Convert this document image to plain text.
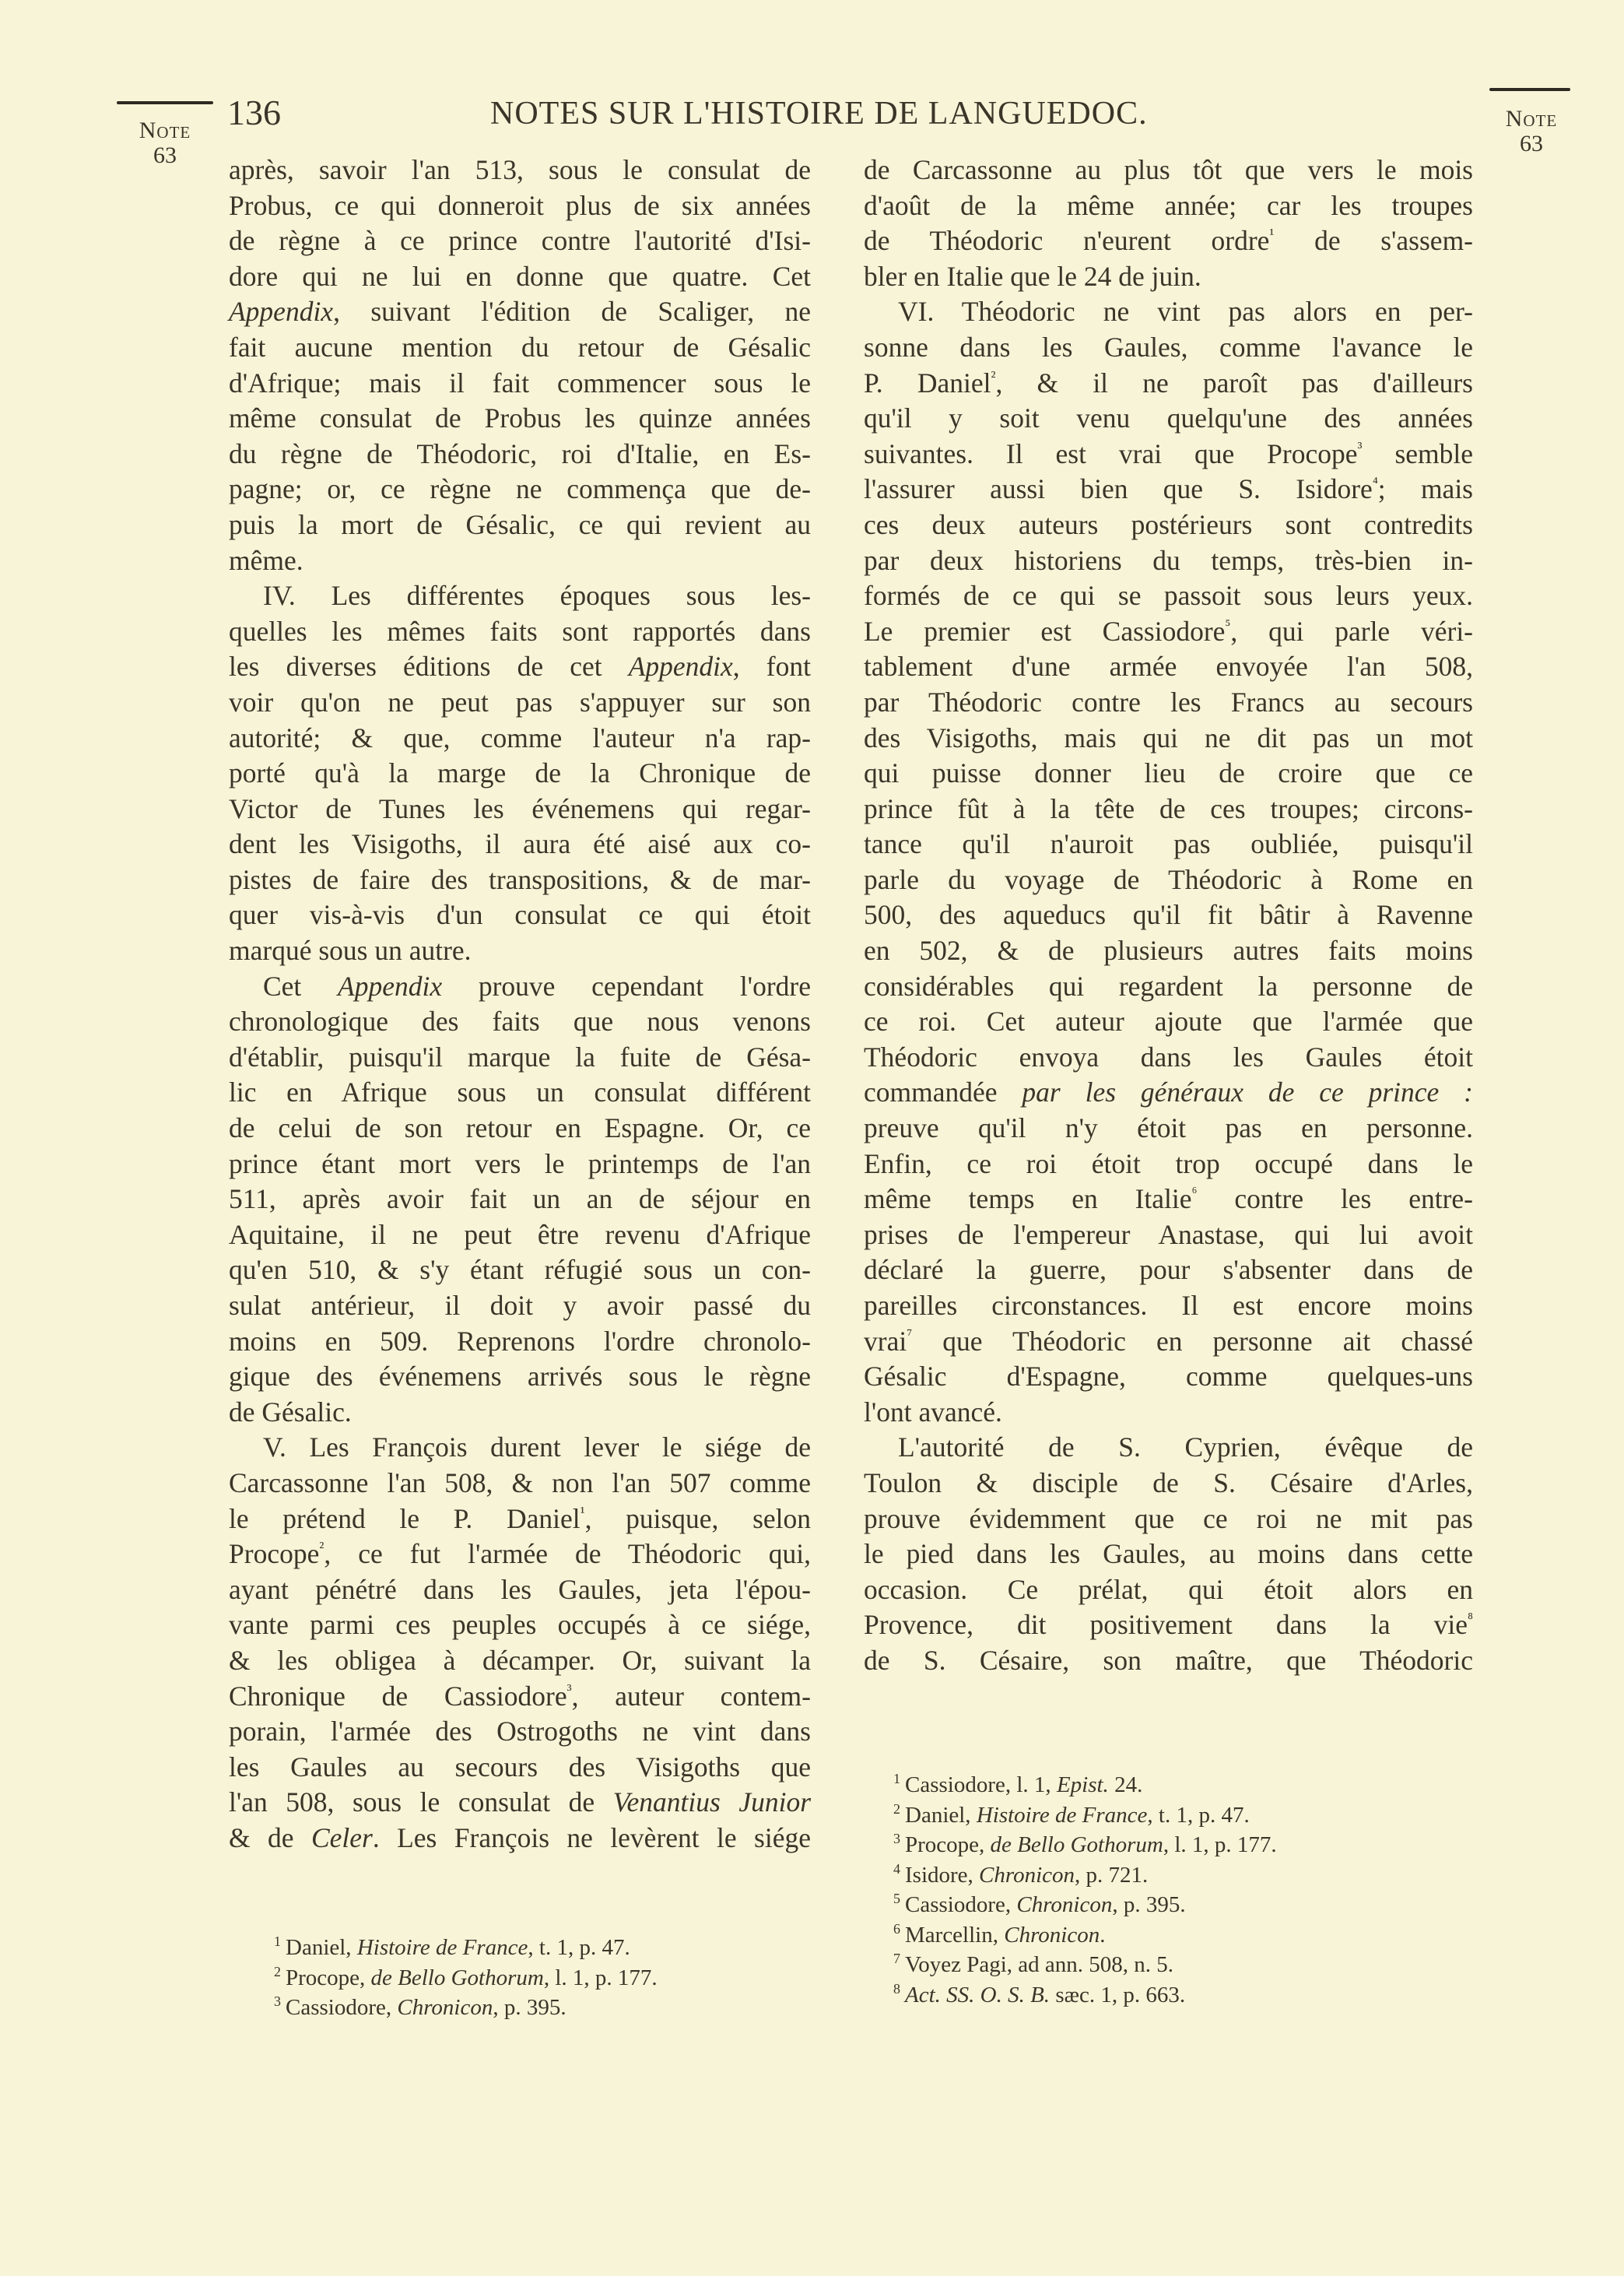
Note
63
Note
63
136	NOTES SUR L'HISTOIRE DE LANGUEDOC.
après, savoir l'an 513, sous le consulat de
Probus, ce qui donneroit plus de six années
de règne à ce prince contre l'autorité d'Isi-
dore qui ne lui en donne que quatre. Cet
Appendix, suivant l'édition de Scaliger, ne
fait aucune mention du retour de Gésalic
d'Afrique; mais il fait commencer sous le
même consulat de Probus les quinze années
du règne de Théodoric, roi d'Italie, en Es-
pagne; or, ce règne ne commença que de-
puis la mort de Gésalic, ce qui revient au
même.
IV. Les différentes époques sous les-
quelles les mêmes faits sont rapportés dans
les diverses éditions de cet Appendix, font
voir qu'on ne peut pas s'appuyer sur son
autorité; & que, comme l'auteur n'a rap-
porté qu'à la marge de la Chronique de
Victor de Tunes les événemens qui regar-
dent les Visigoths, il aura été aisé aux co-
pistes de faire des transpositions, & de mar-
quer vis-à-vis d'un consulat ce qui étoit
marqué sous un autre.
Cet Appendix prouve cependant l'ordre
chronologique des faits que nous venons
d'établir, puisqu'il marque la fuite de Gésa-
lic en Afrique sous un consulat différent
de celui de son retour en Espagne. Or, ce
prince étant mort vers le printemps de l'an
511, après avoir fait un an de séjour en
Aquitaine, il ne peut être revenu d'Afrique
qu'en 510, & s'y étant réfugié sous un con-
sulat antérieur, il doit y avoir passé du
moins en 509. Reprenons l'ordre chronolo-
gique des événemens arrivés sous le règne
de Gésalic.
V. Les François durent lever le siége de
Carcassonne l'an 508, & non l'an 507 comme
le prétend le P. Daniel$^{^1}$, puisque, selon
Procope$^{^2}$, ce fut l'armée de Théodoric qui,
ayant pénétré dans les Gaules, jeta l'épou-
vante parmi ces peuples occupés à ce siége,
& les obligea à décamper. Or, suivant la
Chronique de Cassiodore$^{^3}$, auteur contem-
porain, l'armée des Ostrogoths ne vint dans
les Gaules au secours des Visigoths que
l'an 508, sous le consulat de Venantius Junior
& de Celer. Les François ne levèrent le siége
de Carcassonne au plus tôt que vers le mois
d'août de la même année; car les troupes
de Théodoric n'eurent ordre$^{^1}$ de s'assem-
bler en Italie que le 24 de juin.
VI. Théodoric ne vint pas alors en per-
sonne dans les Gaules, comme l'avance le
P. Daniel$^{^2}$, & il ne paroît pas d'ailleurs
qu'il y soit venu quelqu'une des années
suivantes. Il est vrai que Procope$^{^3}$ semble
l'assurer aussi bien que S. Isidore$^{^4}$; mais
ces deux auteurs postérieurs sont contredits
par deux historiens du temps, très-bien in-
formés de ce qui se passoit sous leurs yeux.
Le premier est Cassiodore$^{^5}$, qui parle véri-
tablement d'une armée envoyée l'an 508,
par Théodoric contre les Francs au secours
des Visigoths, mais qui ne dit pas un mot
qui puisse donner lieu de croire que ce
prince fût à la tête de ces troupes; circons-
tance qu'il n'auroit pas oubliée, puisqu'il
parle du voyage de Théodoric à Rome en
500, des aqueducs qu'il fit bâtir à Ravenne
en 502, & de plusieurs autres faits moins
considérables qui regardent la personne de
ce roi. Cet auteur ajoute que l'armée que
Théodoric envoya dans les Gaules étoit
commandée par les généraux de ce prince :
preuve qu'il n'y étoit pas en personne.
Enfin, ce roi étoit trop occupé dans le
même temps en Italie$^{^6}$ contre les entre-
prises de l'empereur Anastase, qui lui avoit
déclaré la guerre, pour s'absenter dans de
pareilles circonstances. Il est encore moins
vrai$^{^7}$ que Théodoric en personne ait chassé
Gésalic d'Espagne, comme quelques-uns
l'ont avancé.
L'autorité de S. Cyprien, évêque de
Toulon & disciple de S. Césaire d'Arles,
prouve évidemment que ce roi ne mit pas
le pied dans les Gaules, au moins dans cette
occasion. Ce prélat, qui étoit alors en
Provence, dit positivement dans la vie$^{^8}$
de S. Césaire, son maître, que Théodoric
$^1$ Daniel, Histoire de France, t. 1, p. 47.
$^2$ Procope, de Bello Gothorum, l. 1, p. 177.
$^3$ Cassiodore, Chronicon, p. 395.
$^1$ Cassiodore, l. 1, Epist. 24.
$^2$ Daniel, Histoire de France, t. 1, p. 47.
$^3$ Procope, de Bello Gothorum, l. 1, p. 177.
$^4$ Isidore, Chronicon, p. 721.
$^5$ Cassiodore, Chronicon, p. 395.
$^6$ Marcellin, Chronicon.
$^7$ Voyez Pagi, ad ann. 508, n. 5.
$^8$ Act. SS. O. S. B. sæc. 1, p. 663.
